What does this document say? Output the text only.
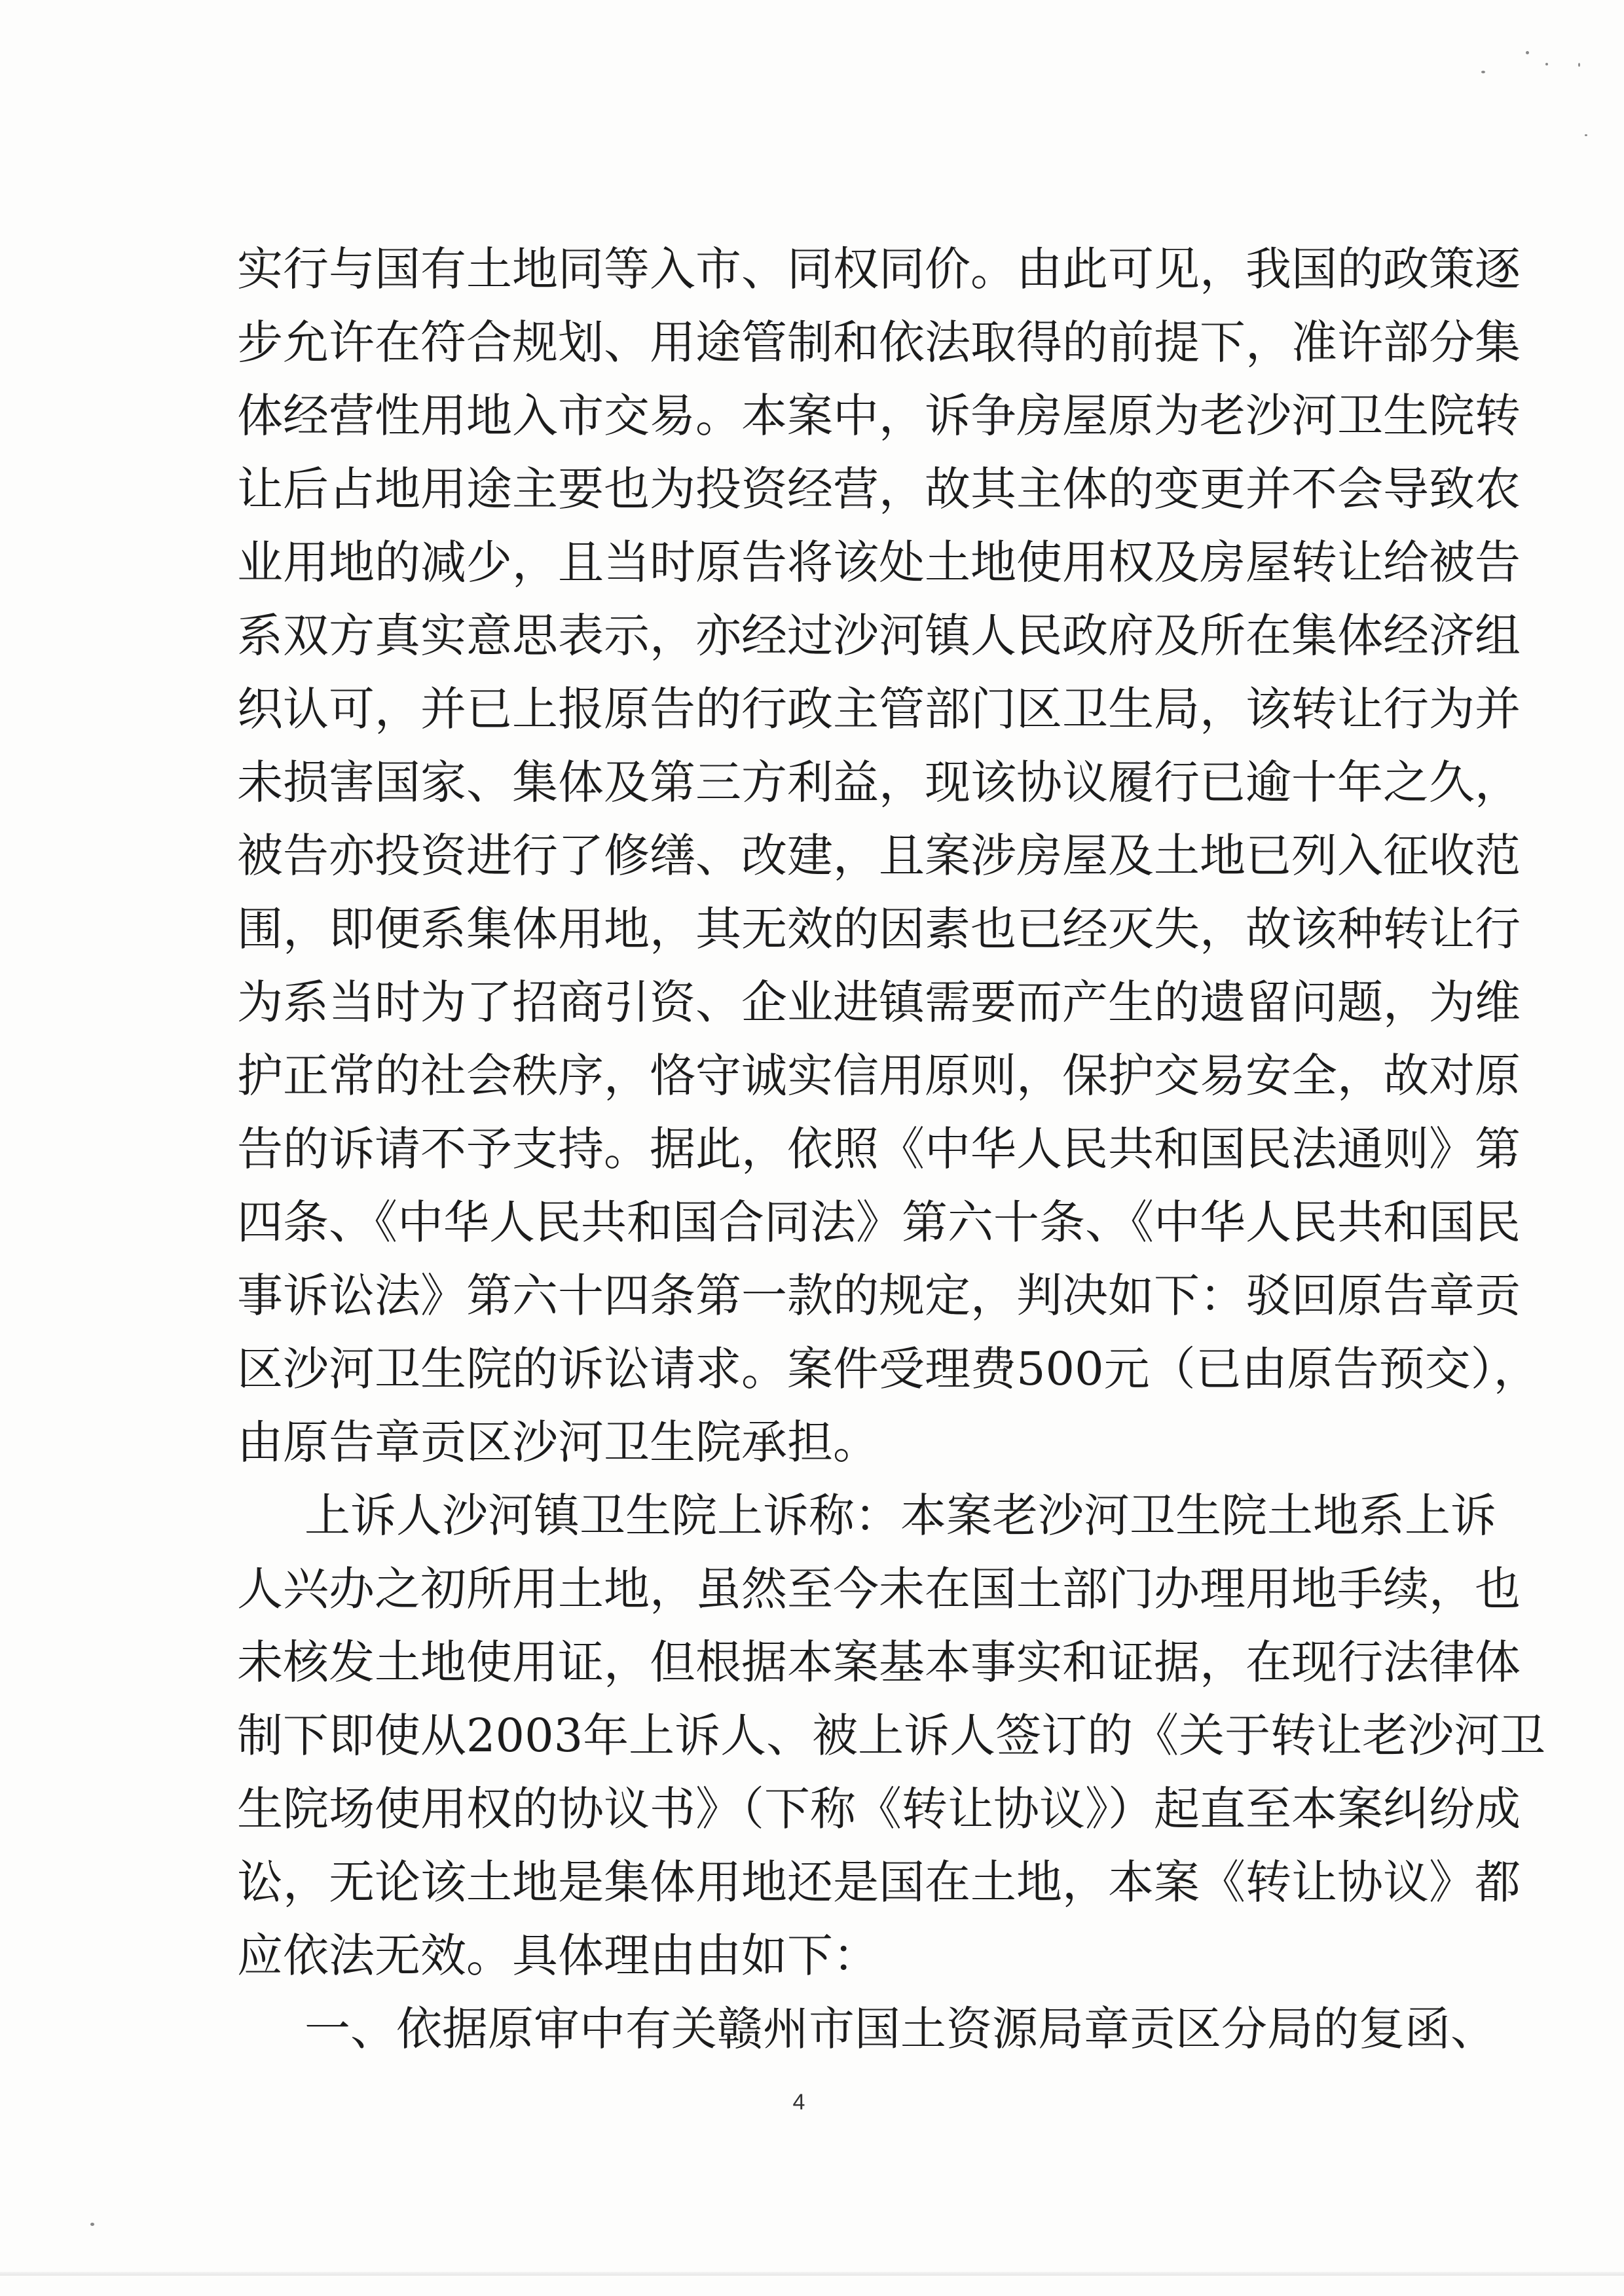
实行与国有土地同等入市、同权同价。由此可见，我国的政策逐
步允许在符合规划、用途管制和依法取得的前提下，准许部分集
体经营性用地入市交易。本案中，诉争房屋原为老沙河卫生院转
让后占地用途主要也为投资经营，故其主体的变更并不会导致农
业用地的减少，且当时原告将该处土地使用权及房屋转让给被告
系双方真实意思表示，亦经过沙河镇人民政府及所在集体经济组
织认可，并已上报原告的行政主管部门区卫生局，该转让行为并
未损害国家、集体及第三方利益，现该协议履行已逾十年之久，
被告亦投资进行了修缮、改建，且案涉房屋及土地已列入征收范
围，即便系集体用地，其无效的因素也已经灭失，故该种转让行
为系当时为了招商引资、企业进镇需要而产生的遗留问题，为维
护正常的社会秩序，恪守诚实信用原则，保护交易安全，故对原
告的诉请不予支持。据此，依照《中华人民共和国民法通则》第
四条、《中华人民共和国合同法》第六十条、《中华人民共和国民
事诉讼法》第六十四条第一款的规定，判决如下：驳回原告章贡
区沙河卫生院的诉讼请求。案件受理费500元（已由原告预交），
由原告章贡区沙河卫生院承担。
上诉人沙河镇卫生院上诉称：本案老沙河卫生院土地系上诉
人兴办之初所用土地，虽然至今未在国土部门办理用地手续，也
未核发土地使用证，但根据本案基本事实和证据，在现行法律体
制下即使从2003年上诉人、被上诉人签订的《关于转让老沙河卫
生院场使用权的协议书》（下称《转让协议》）起直至本案纠纷成
讼，无论该土地是集体用地还是国在土地，本案《转让协议》都
应依法无效。具体理由由如下：
一、依据原审中有关赣州市国土资源局章贡区分局的复函、
4
